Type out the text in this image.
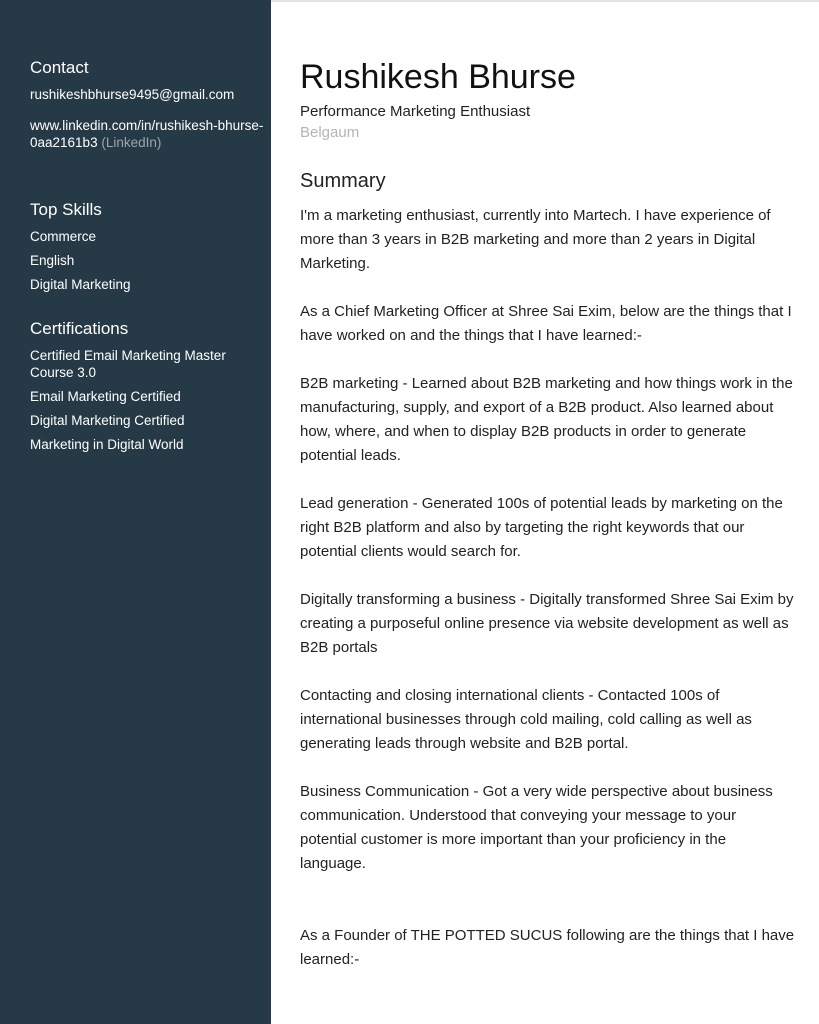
Contact
rushikeshbhurse9495@gmail.com
www.linkedin.com/in/rushikesh-bhurse-0aa2161b3 (LinkedIn)
Top Skills
Commerce
English
Digital Marketing
Certifications
Certified Email Marketing Master Course 3.0
Email Marketing Certified
Digital Marketing Certified
Marketing in Digital World
Rushikesh Bhurse
Performance Marketing Enthusiast
Belgaum
Summary

I'm a marketing enthusiast, currently into Martech. I have experience of more than 3 years in B2B marketing and more than 2 years in Digital Marketing.

As a Chief Marketing Officer at Shree Sai Exim, below are the things that I have worked on and the things that I have learned:-

B2B marketing - Learned about B2B marketing and how things work in the manufacturing, supply, and export of a B2B product. Also learned about how, where, and when to display B2B products in order to generate potential leads.

Lead generation - Generated 100s of potential leads by marketing on the right B2B platform and also by targeting the right keywords that our potential clients would search for.

Digitally transforming a business - Digitally transformed Shree Sai Exim by creating a purposeful online presence via website development as well as B2B portals

Contacting and closing international clients - Contacted 100s of international businesses through cold mailing, cold calling as well as generating leads through website and B2B portal.

Business Communication - Got a very wide perspective about business communication. Understood that conveying your message to your potential customer is more important than your proficiency in the language.

As a Founder of THE POTTED SUCUS following are the things that I have learned:-
